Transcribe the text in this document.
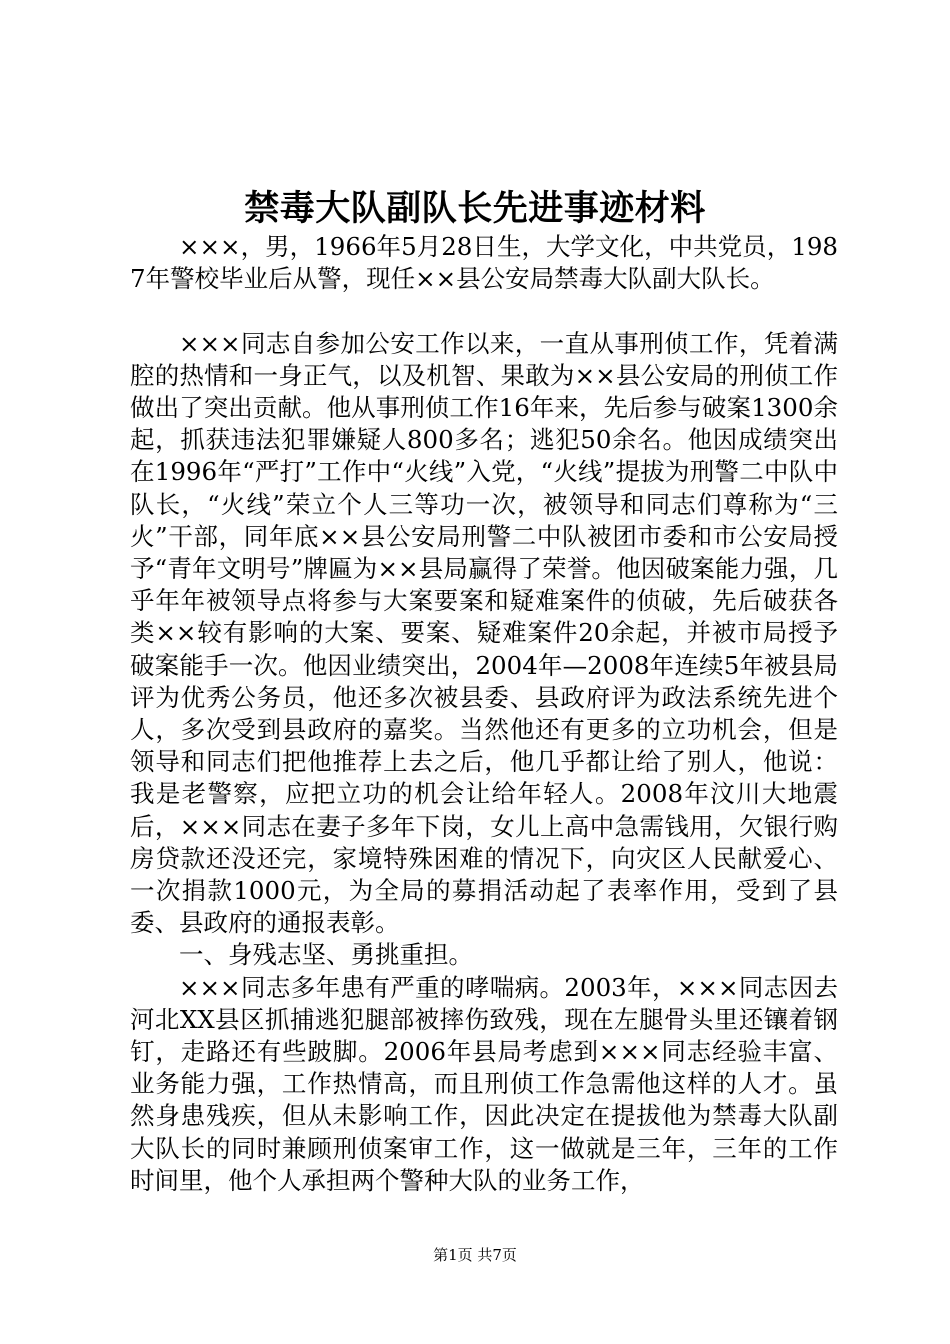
禁毒大队副队长先进事迹材料

×××，男，1966年5月28日生，大学文化，中共党员，1987年警校毕业后从警，现任××县公安局禁毒大队副大队长。

×××同志自参加公安工作以来，一直从事刑侦工作，凭着满腔的热情和一身正气，以及机智、果敢为××县公安局的刑侦工作做出了突出贡献。他从事刑侦工作16年来，先后参与破案1300余起，抓获违法犯罪嫌疑人800多名；逃犯50余名。他因成绩突出在1996年“严打”工作中“火线”入党，“火线”提拔为刑警二中队中队长，“火线”荣立个人三等功一次，被领导和同志们尊称为“三火”干部，同年底××县公安局刑警二中队被团市委和市公安局授予“青年文明号”牌匾为××县局赢得了荣誉。他因破案能力强，几乎年年被领导点将参与大案要案和疑难案件的侦破，先后破获各类××较有影响的大案、要案、疑难案件20余起，并被市局授予破案能手一次。他因业绩突出，2004年—2008年连续5年被县局评为优秀公务员，他还多次被县委、县政府评为政法系统先进个人，多次受到县政府的嘉奖。当然他还有更多的立功机会，但是领导和同志们把他推荐上去之后，他几乎都让给了别人，他说：我是老警察，应把立功的机会让给年轻人。2008年汶川大地震后，×××同志在妻子多年下岗，女儿上高中急需钱用，欠银行购房贷款还没还完，家境特殊困难的情况下，向灾区人民献爱心、一次捐款1000元，为全局的募捐活动起了表率作用，受到了县委、县政府的通报表彰。

一、身残志坚、勇挑重担。

×××同志多年患有严重的哮喘病。2003年，×××同志因去河北XX县区抓捕逃犯腿部被摔伤致残，现在左腿骨头里还镶着钢钉，走路还有些跛脚。2006年县局考虑到×××同志经验丰富、业务能力强，工作热情高，而且刑侦工作急需他这样的人才。虽然身患残疾，但从未影响工作，因此决定在提拔他为禁毒大队副大队长的同时兼顾刑侦案审工作，这一做就是三年，三年的工作时间里，他个人承担两个警种大队的业务工作，

第1页 共7页
